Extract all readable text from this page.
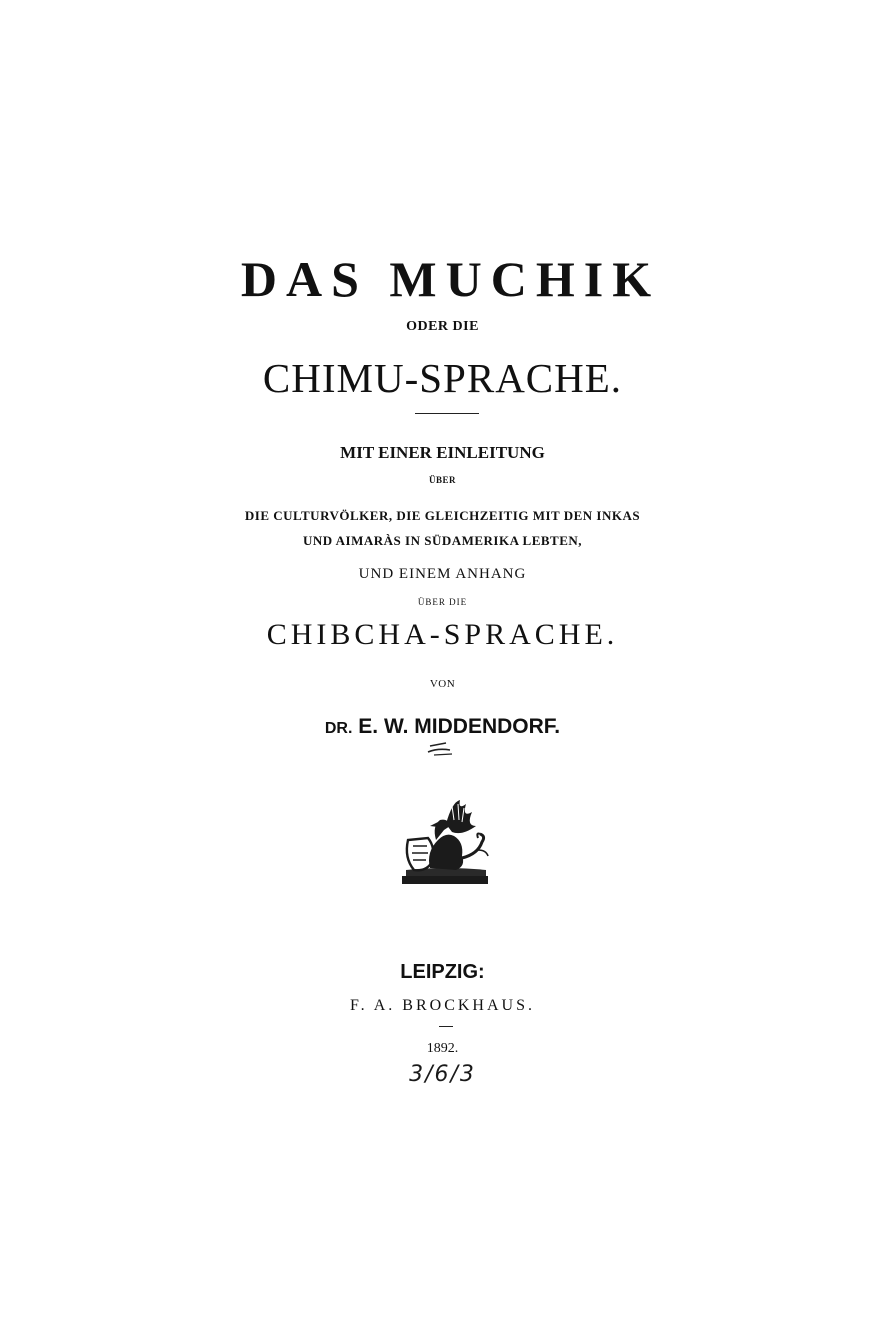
DAS MUCHIK
ODER DIE
CHIMU-SPRACHE.
MIT EINER EINLEITUNG
ÜBER
DIE CULTURVÖLKER, DIE GLEICHZEITIG MIT DEN INKAS
UND AIMARÀS IN SÜDAMERIKA LEBTEN,
UND EINEM ANHANG
ÜBER DIE
CHIBCHA-SPRACHE.
VON
DR. E. W. MIDDENDORF.
LEIPZIG:
F. A. BROCKHAUS.
1892.
3/6/3
